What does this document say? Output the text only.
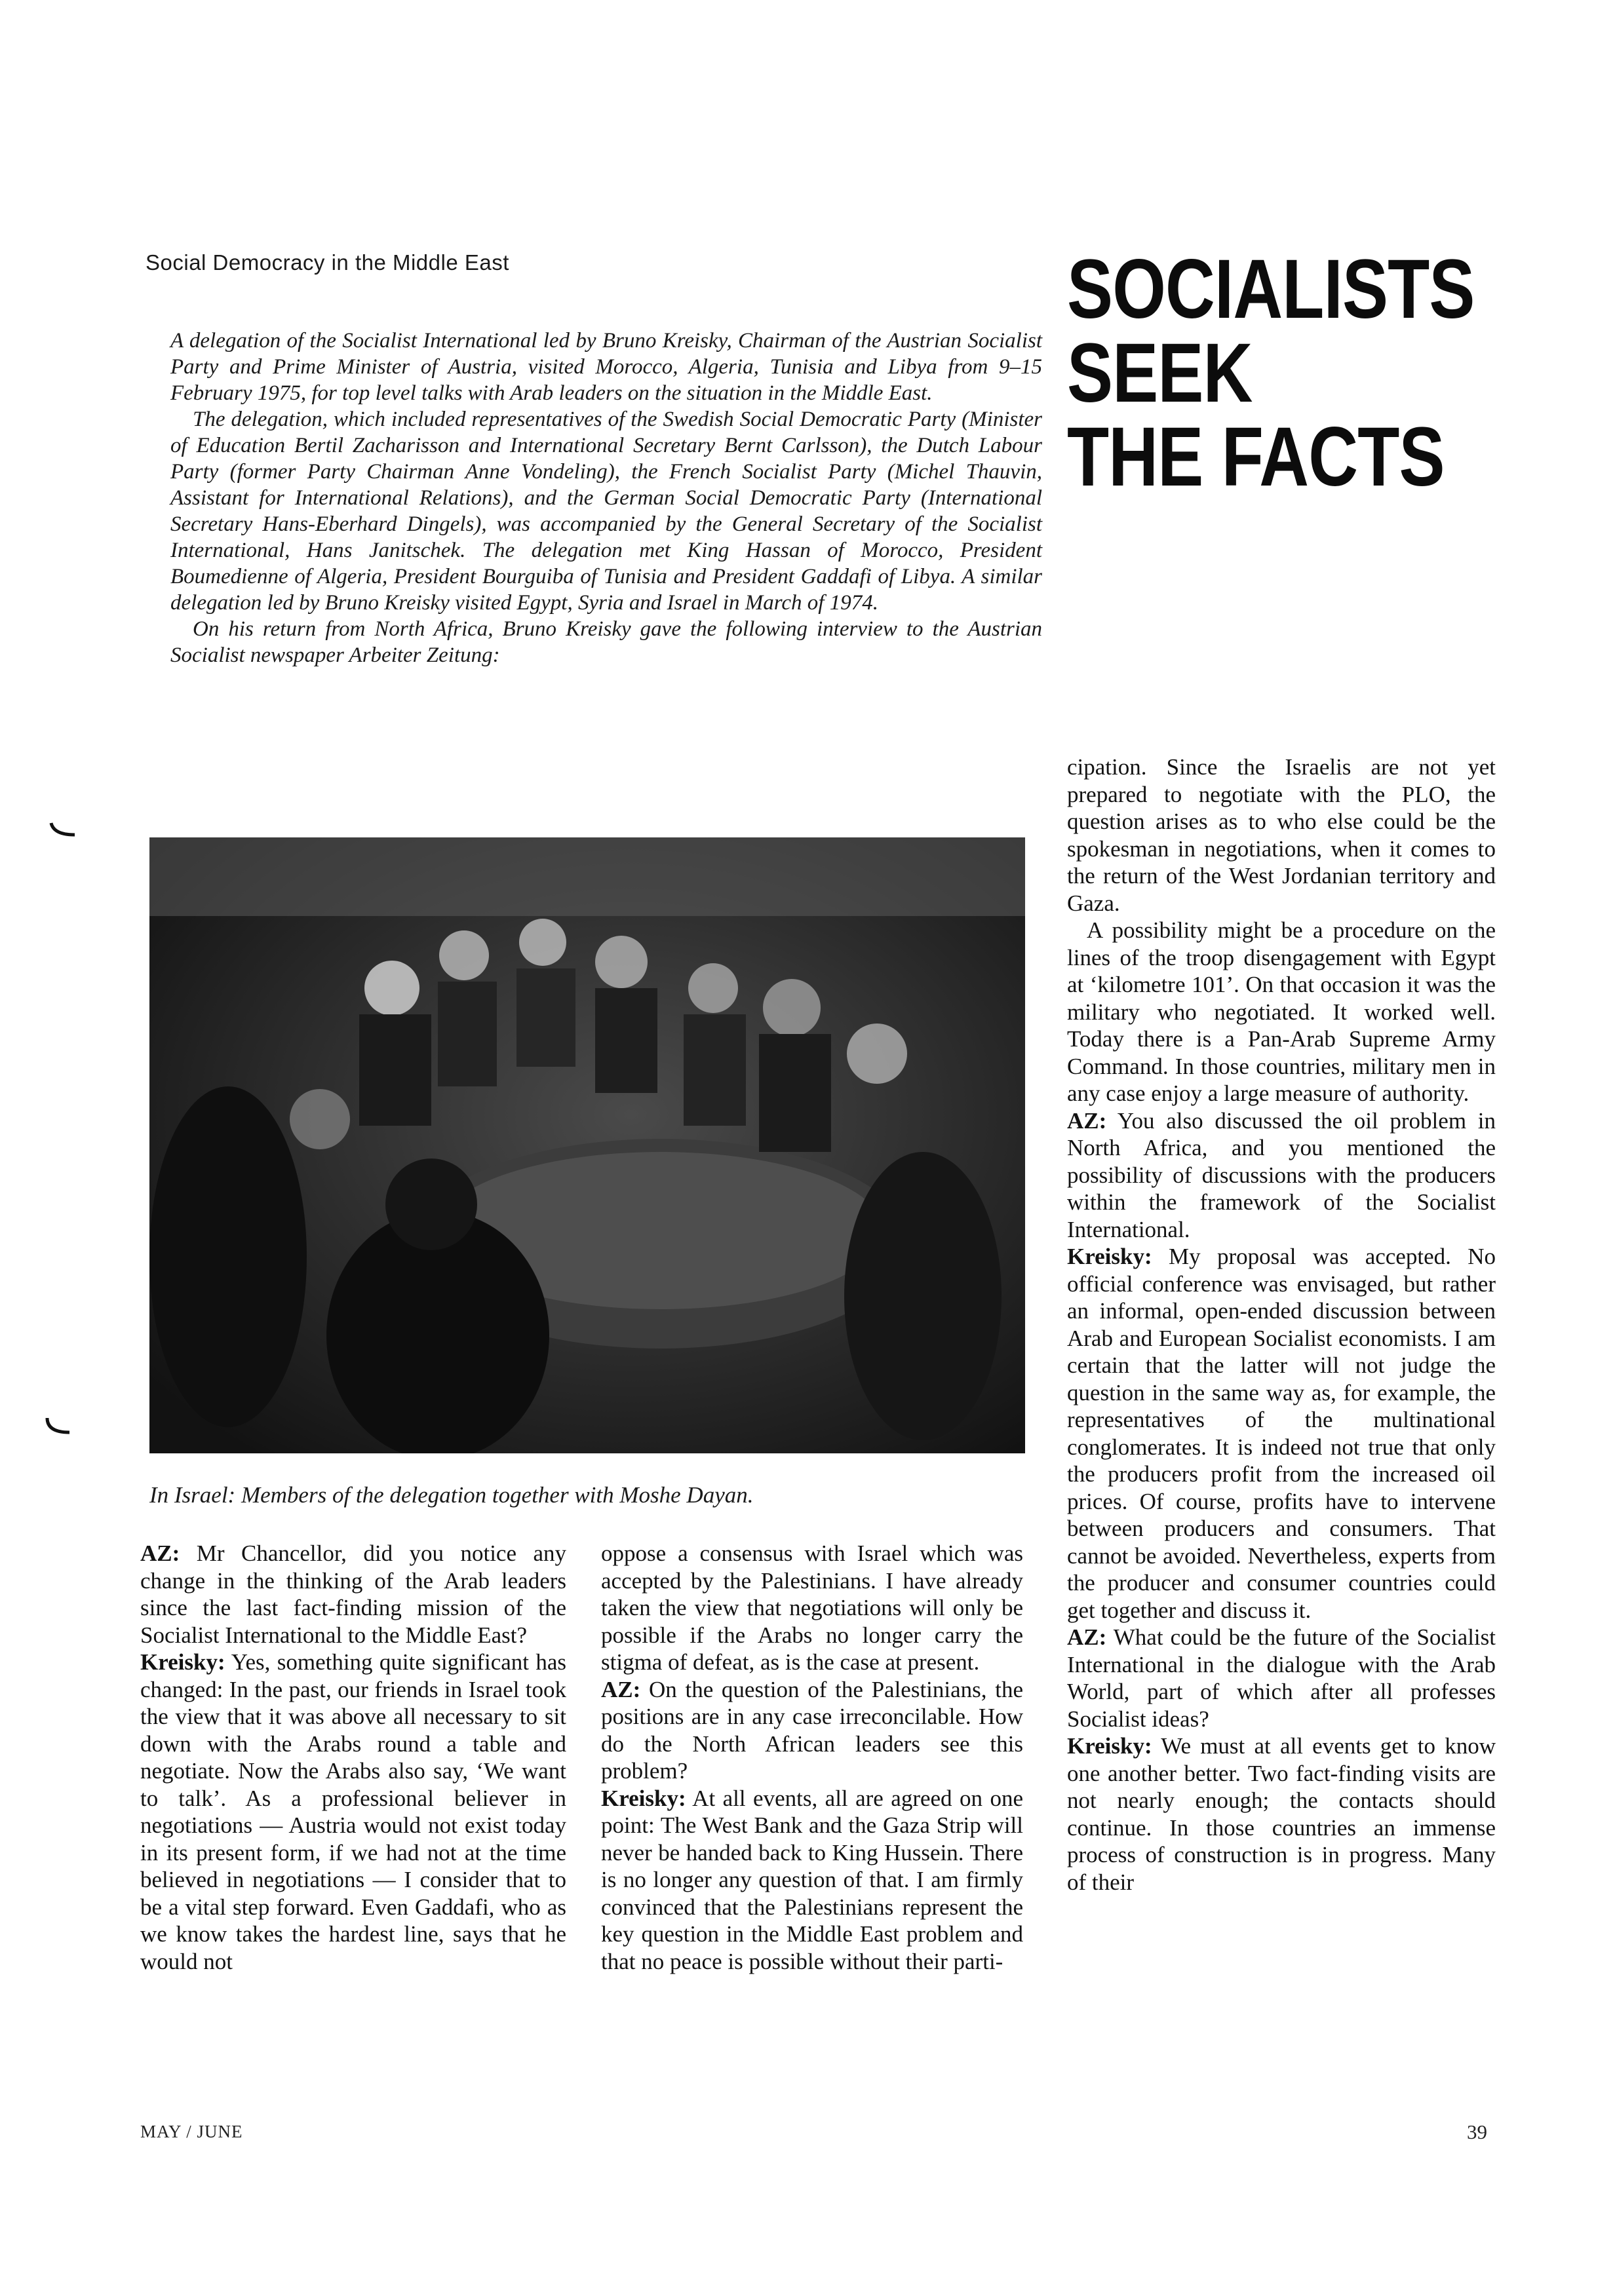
Social Democracy in the Middle East	SOCIALISTS
SEEK
THE FACTS

A delegation of the Socialist International led by Bruno Kreisky, Chairman of the Austrian Socialist Party and Prime Minister of Austria, visited Morocco, Algeria, Tunisia and Libya from 9–15 February 1975, for top level talks with Arab leaders on the situation in the Middle East.

The delegation, which included representatives of the Swedish Social Democratic Party (Minister of Education Bertil Zacharisson and International Secretary Bernt Carlsson), the Dutch Labour Party (former Party Chairman Anne Vondeling), the French Socialist Party (Michel Thauvin, Assistant for International Relations), and the German Social Democratic Party (International Secretary Hans-Eberhard Dingels), was accompanied by the General Secretary of the Socialist International, Hans Janitschek. The delegation met King Hassan of Morocco, President Boumedienne of Algeria, President Bourguiba of Tunisia and President Gaddafi of Libya. A similar delegation led by Bruno Kreisky visited Egypt, Syria and Israel in March of 1974.

On his return from North Africa, Bruno Kreisky gave the following interview to the Austrian Socialist newspaper Arbeiter Zeitung:

In Israel: Members of the delegation together with Moshe Dayan.

AZ: Mr Chancellor, did you notice any change in the thinking of the Arab leaders since the last fact-finding mission of the Socialist International to the Middle East?

Kreisky: Yes, something quite significant has changed: In the past, our friends in Israel took the view that it was above all necessary to sit down with the Arabs round a table and negotiate. Now the Arabs also say, ‘We want to talk’. As a professional believer in negotiations — Austria would not exist today in its present form, if we had not at the time believed in negotiations — I consider that to be a vital step forward. Even Gaddafi, who as we know takes the hardest line, says that he would not

oppose a consensus with Israel which was accepted by the Palestinians. I have already taken the view that negotiations will only be possible if the Arabs no longer carry the stigma of defeat, as is the case at present.

AZ: On the question of the Palestinians, the positions are in any case irreconcilable. How do the North African leaders see this problem?

Kreisky: At all events, all are agreed on one point: The West Bank and the Gaza Strip will never be handed back to King Hussein. There is no longer any question of that. I am firmly convinced that the Palestinians represent the key question in the Middle East problem and that no peace is possible without their parti-

cipation. Since the Israelis are not yet prepared to negotiate with the PLO, the question arises as to who else could be the spokesman in negotiations, when it comes to the return of the West Jordanian territory and Gaza.

A possibility might be a procedure on the lines of the troop disengagement with Egypt at ‘kilometre 101’. On that occasion it was the military who negotiated. It worked well. Today there is a Pan-Arab Supreme Army Command. In those countries, military men in any case enjoy a large measure of authority.

AZ: You also discussed the oil problem in North Africa, and you mentioned the possibility of discussions with the producers within the framework of the Socialist International.

Kreisky: My proposal was accepted. No official conference was envisaged, but rather an informal, open-ended discussion between Arab and European Socialist economists. I am certain that the latter will not judge the question in the same way as, for example, the representatives of the multinational conglomerates. It is indeed not true that only the producers profit from the increased oil prices. Of course, profits have to intervene between producers and consumers. That cannot be avoided. Nevertheless, experts from the producer and consumer countries could get together and discuss it.

AZ: What could be the future of the Socialist International in the dialogue with the Arab World, part of which after all professes Socialist ideas?

Kreisky: We must at all events get to know one another better. Two fact-finding visits are not nearly enough; the contacts should continue. In those countries an immense process of construction is in progress. Many of their

MAY / JUNE	39
